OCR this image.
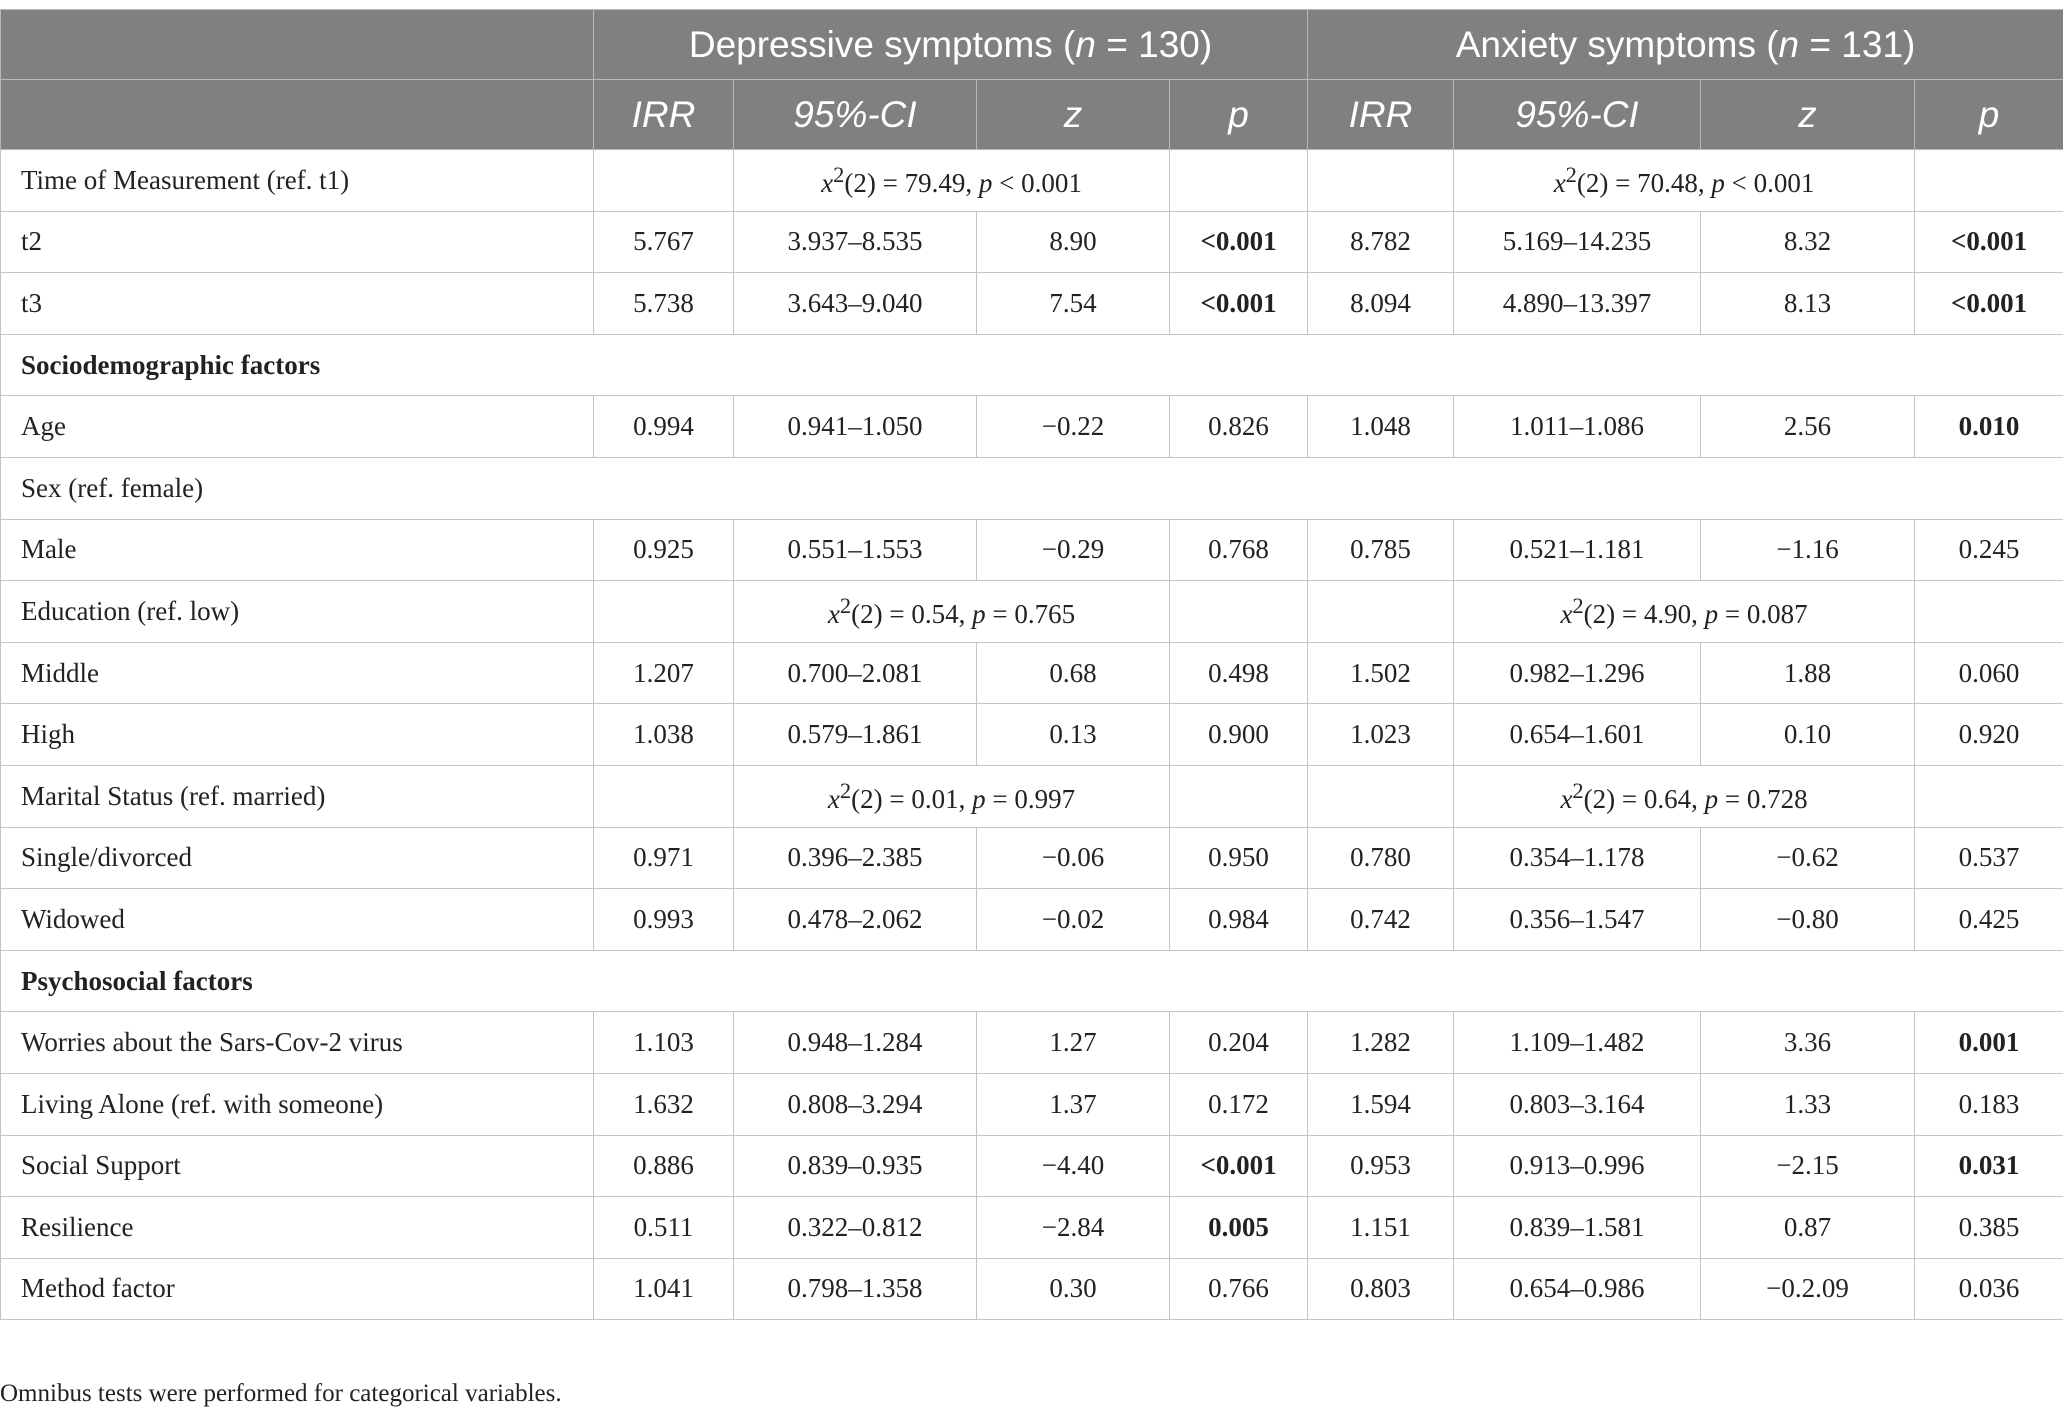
	Depressive symptoms (n = 130)				Anxiety symptoms (n = 131)			
	IRR	95%-CI	z	p	IRR	95%-CI	z	p
Time of Measurement (ref. t1)		$x^2(2) = 79.49$, p < 0.001				$x^2(2) = 70.48$, p < 0.001		
t2	5.767	3.937–8.535	8.90	<0.001	8.782	5.169–14.235	8.32	<0.001
t3	5.738	3.643–9.040	7.54	<0.001	8.094	4.890–13.397	8.13	<0.001
Sociodemographic factors								
Age	0.994	0.941–1.050	−0.22	0.826	1.048	1.011–1.086	2.56	0.010
Sex (ref. female)								
Male	0.925	0.551–1.553	−0.29	0.768	0.785	0.521–1.181	−1.16	0.245
Education (ref. low)		$x^2(2) = 0.54$, p = 0.765				$x^2(2) = 4.90$, p = 0.087		
Middle	1.207	0.700–2.081	0.68	0.498	1.502	0.982–1.296	1.88	0.060
High	1.038	0.579–1.861	0.13	0.900	1.023	0.654–1.601	0.10	0.920
Marital Status (ref. married)		$x^2(2) = 0.01$, p = 0.997				$x^2(2) = 0.64$, p = 0.728		
Single/divorced	0.971	0.396–2.385	−0.06	0.950	0.780	0.354–1.178	−0.62	0.537
Widowed	0.993	0.478–2.062	−0.02	0.984	0.742	0.356–1.547	−0.80	0.425
Psychosocial factors								
Worries about the Sars-Cov-2 virus	1.103	0.948–1.284	1.27	0.204	1.282	1.109–1.482	3.36	0.001
Living Alone (ref. with someone)	1.632	0.808–3.294	1.37	0.172	1.594	0.803–3.164	1.33	0.183
Social Support	0.886	0.839–0.935	−4.40	<0.001	0.953	0.913–0.996	−2.15	0.031
Resilience	0.511	0.322–0.812	−2.84	0.005	1.151	0.839–1.581	0.87	0.385
Method factor	1.041	0.798–1.358	0.30	0.766	0.803	0.654–0.986	−0.2.09	0.036
Omnibus tests were performed for categorical variables.
